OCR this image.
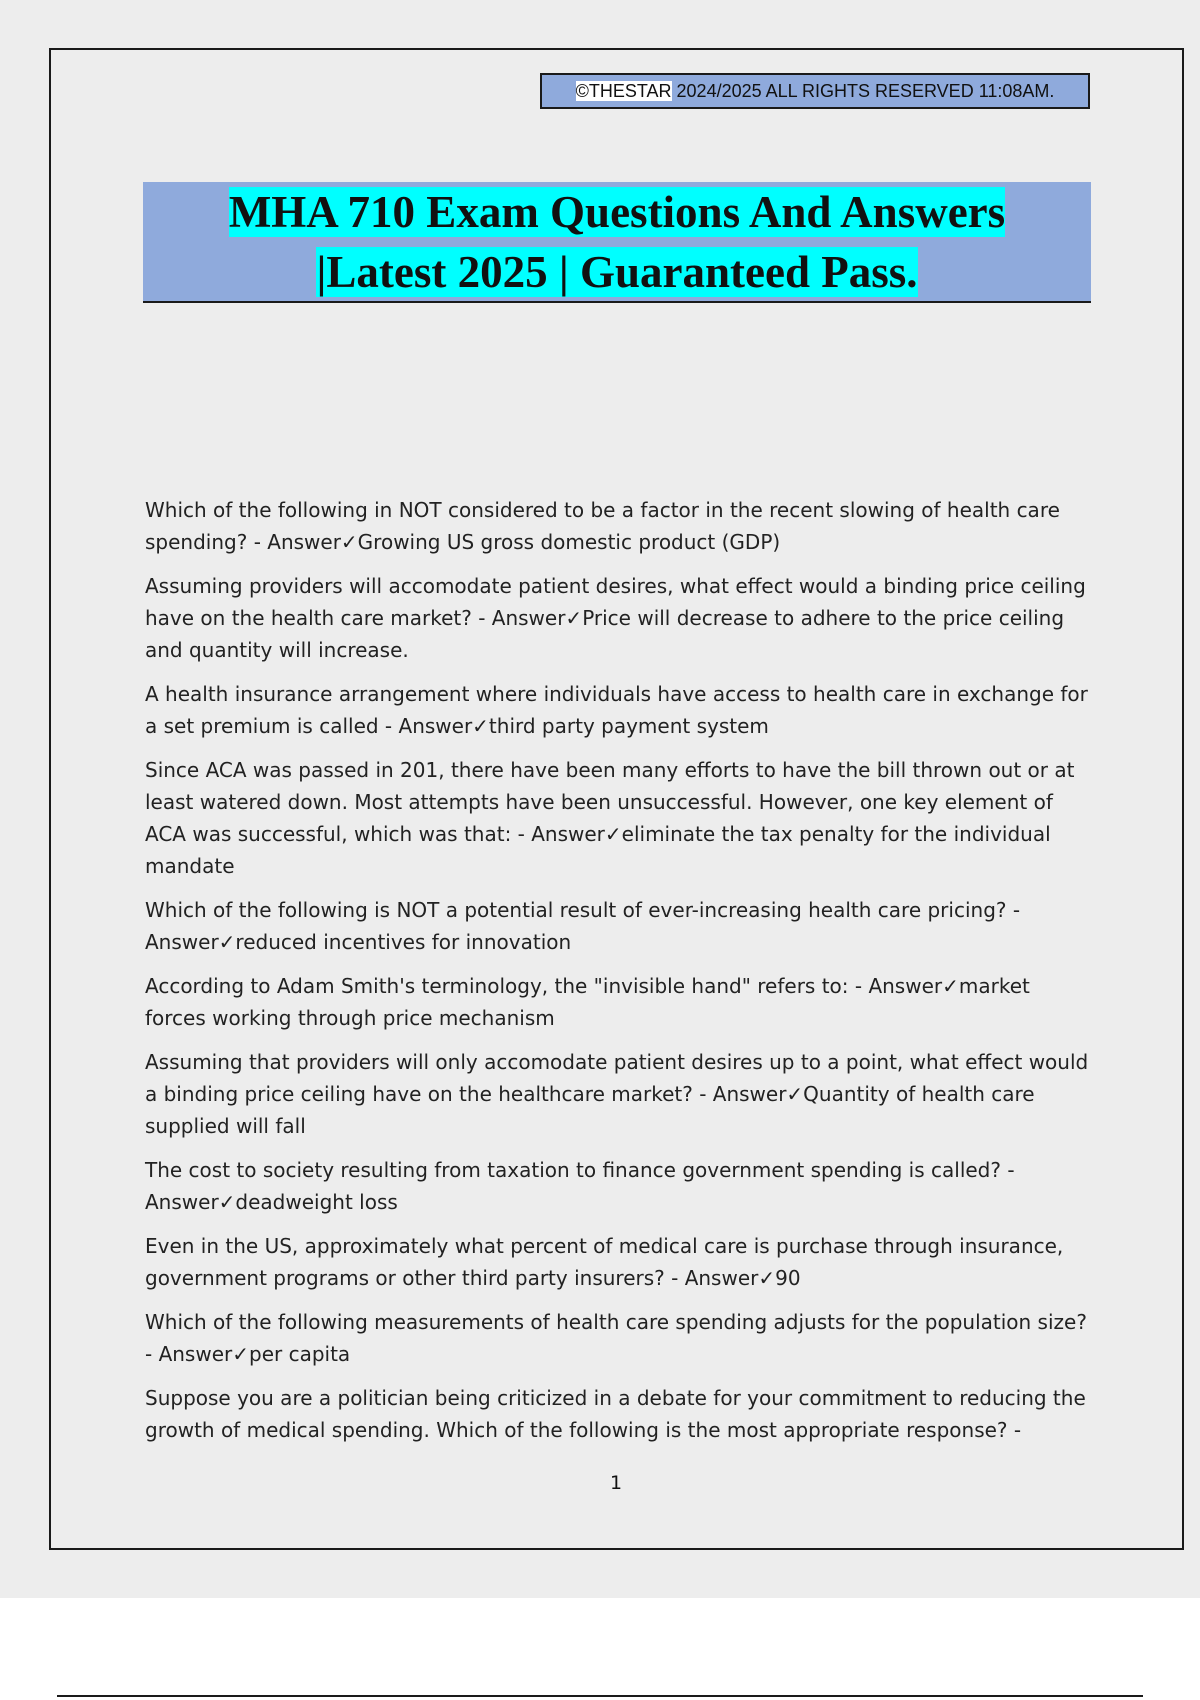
©THESTAR 2024/2025 ALL RIGHTS RESERVED 11:08AM.
MHA 710 Exam Questions And Answers
|Latest 2025 | Guaranteed Pass.

Which of the following in NOT considered to be a factor in the recent slowing of health care spending? - Answer✓Growing US gross domestic product (GDP)

Assuming providers will accomodate patient desires, what effect would a binding price ceiling have on the health care market? - Answer✓Price will decrease to adhere to the price ceiling and quantity will increase.

A health insurance arrangement where individuals have access to health care in exchange for a set premium is called - Answer✓third party payment system

Since ACA was passed in 201, there have been many efforts to have the bill thrown out or at least watered down. Most attempts have been unsuccessful. However, one key element of ACA was successful, which was that: - Answer✓eliminate the tax penalty for the individual mandate

Which of the following is NOT a potential result of ever-increasing health care pricing? - Answer✓reduced incentives for innovation

According to Adam Smith's terminology, the "invisible hand" refers to: - Answer✓market forces working through price mechanism

Assuming that providers will only accomodate patient desires up to a point, what effect would a binding price ceiling have on the healthcare market? - Answer✓Quantity of health care supplied will fall

The cost to society resulting from taxation to finance government spending is called? - Answer✓deadweight loss

Even in the US, approximately what percent of medical care is purchase through insurance, government programs or other third party insurers? - Answer✓90

Which of the following measurements of health care spending adjusts for the population size? - Answer✓per capita

Suppose you are a politician being criticized in a debate for your commitment to reducing the growth of medical spending. Which of the following is the most appropriate response? -

1
